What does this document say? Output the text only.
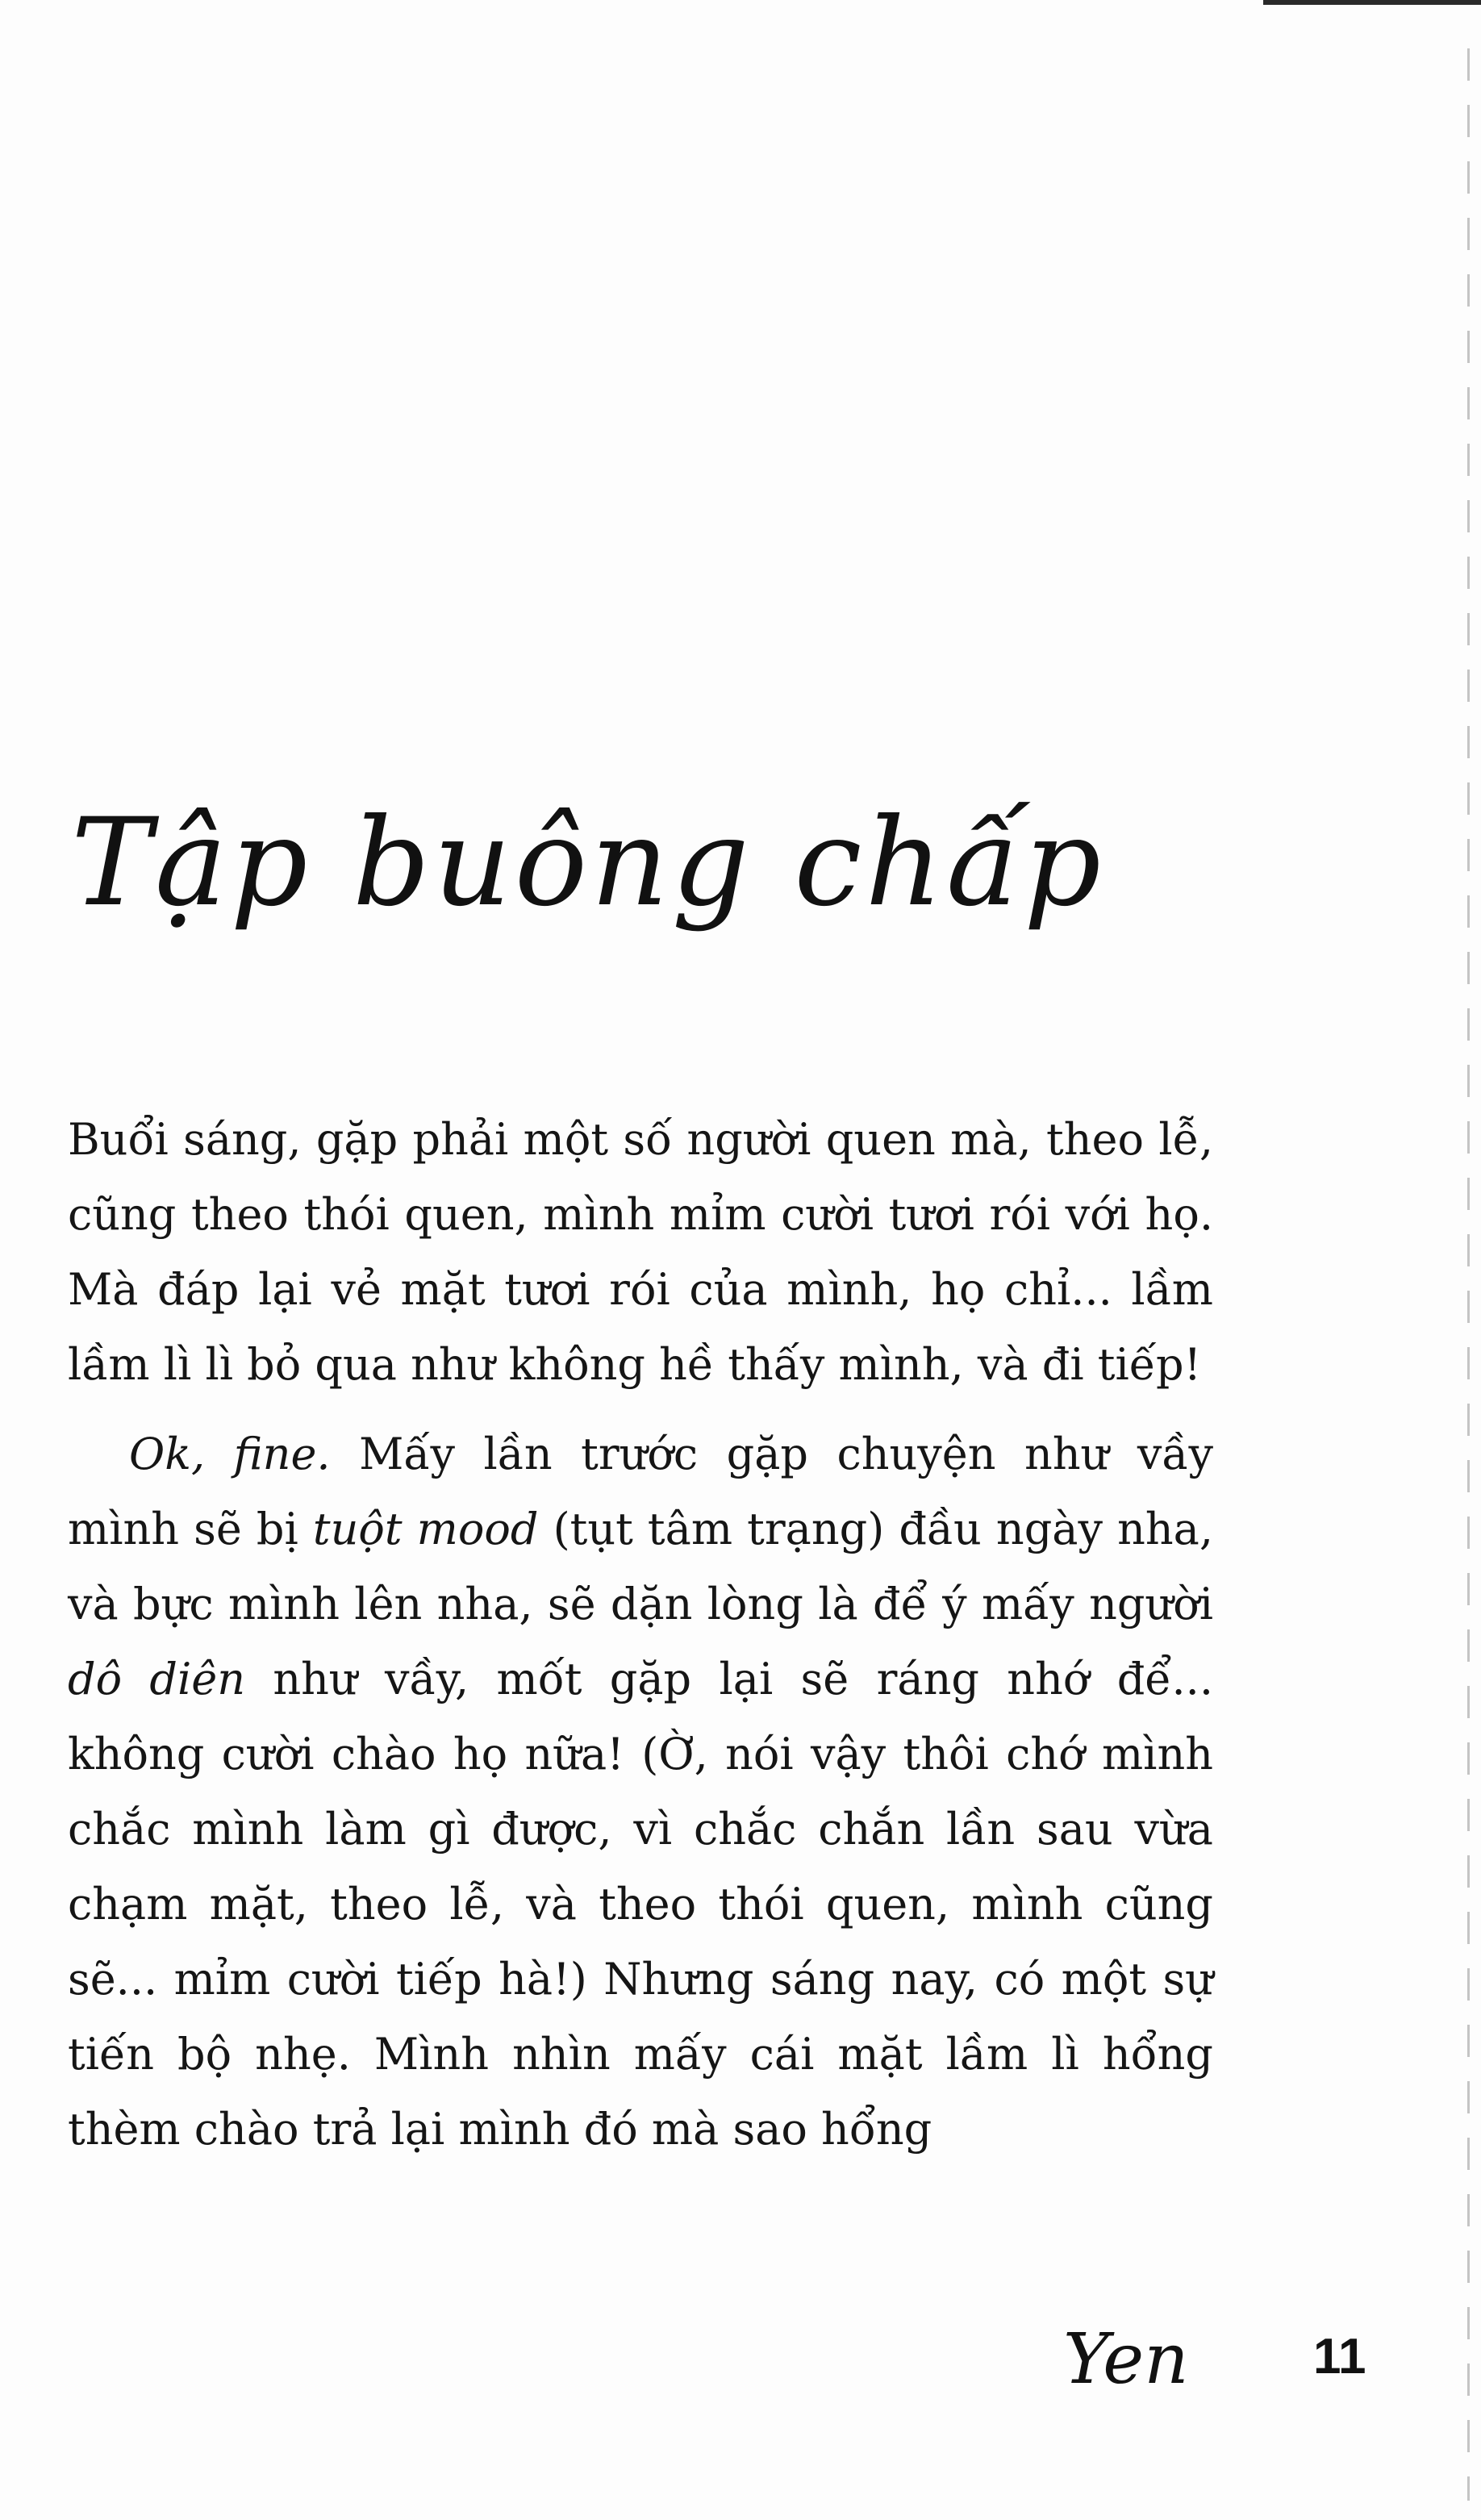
Tập buông chấp

Buổi sáng, gặp phải một số người quen mà, theo lễ, cũng theo thói quen, mình mỉm cười tươi rói với họ. Mà đáp lại vẻ mặt tươi rói của mình, họ chỉ... lầm lầm lì lì bỏ qua như không hề thấy mình, và đi tiếp!

Ok, fine. Mấy lần trước gặp chuyện như vầy mình sẽ bị tuột mood (tụt tâm trạng) đầu ngày nha, và bực mình lên nha, sẽ dặn lòng là để ý mấy người dô diên như vầy, mốt gặp lại sẽ ráng nhớ để... không cười chào họ nữa! (Ờ, nói vậy thôi chớ mình chắc mình làm gì được, vì chắc chắn lần sau vừa chạm mặt, theo lễ, và theo thói quen, mình cũng sẽ... mỉm cười tiếp hà!) Nhưng sáng nay, có một sự tiến bộ nhẹ. Mình nhìn mấy cái mặt lầm lì hổng thèm chào trả lại mình đó mà sao hổng

Yen 11
